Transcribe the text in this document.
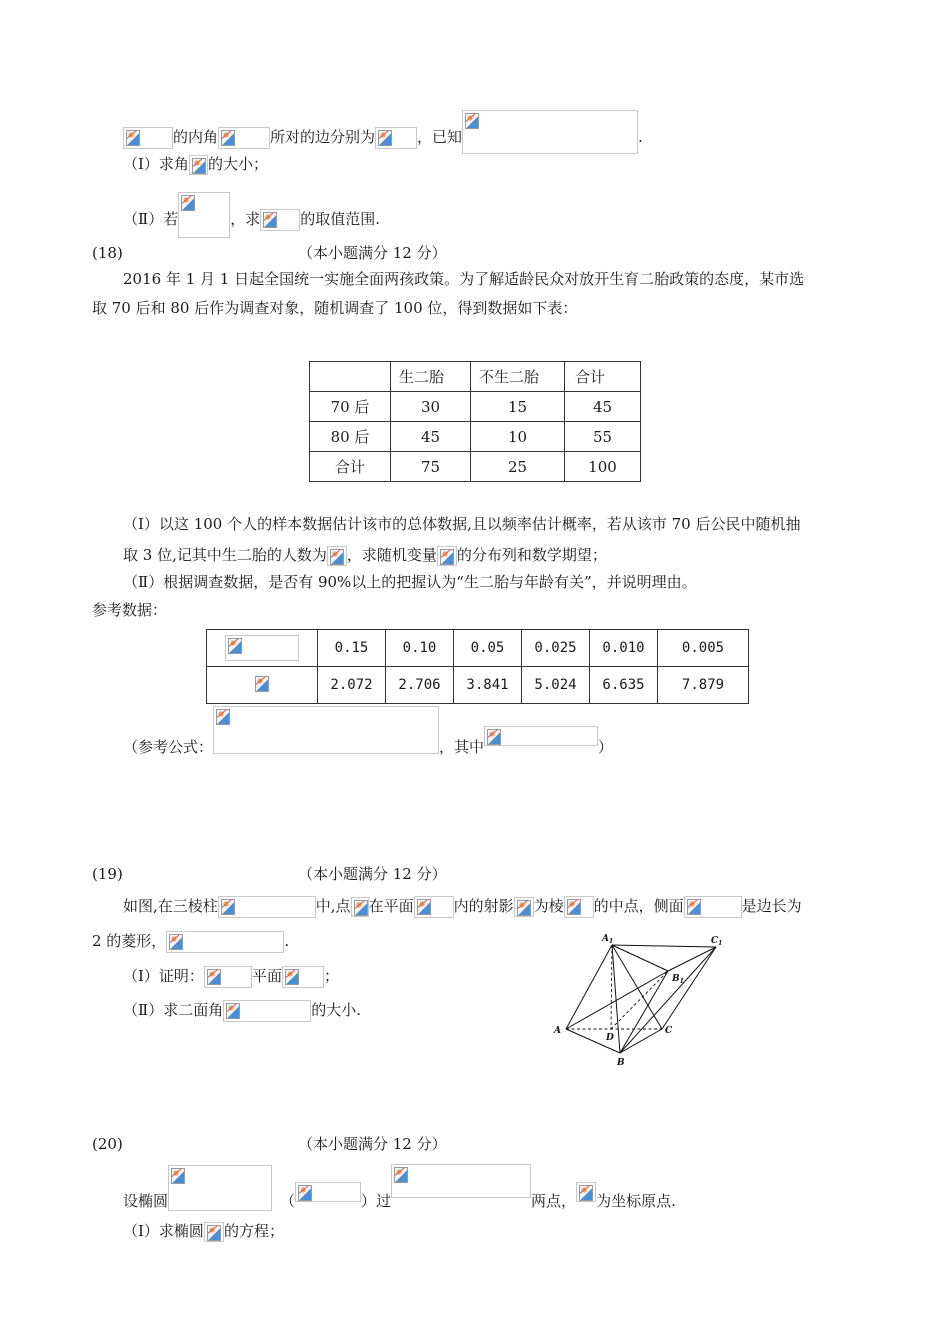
的内角	所对的边分别为	，已知	.
（Ⅰ）求角 的大小；
（Ⅱ）若	，求	的取值范围.
(18)	（本小题满分 12 分）
2016 年 1 月 1 日起全国统一实施全面两孩政策。为了解适龄民众对放开生育二胎政策的态度，某市选
取 70 后和 80 后作为调查对象，随机调查了 100 位，得到数据如下表：
	生二胎	不生二胎	合计
70 后	30	15	45
80 后	45	10	55
合计	75	25	100
（Ⅰ）以这 100 个人的样本数据估计该市的总体数据,且以频率估计概率，若从该市 70 后公民中随机抽
取 3 位,记其中生二胎的人数为 ，求随机变量 的分布列和数学期望；
（Ⅱ）根据调查数据，是否有 90%以上的把握认为“生二胎与年龄有关”，并说明理由。
参考数据：
	0.15	0.10	0.05	0.025	0.010	0.005
	2.072	2.706	3.841	5.024	6.635	7.879
（参考公式：	，其中	）
(19)	（本小题满分 12 分）
如图,在三棱柱	中,点 在平面	内的射影 为棱 的中点，侧面	是边长为
2 的菱形，	.
（Ⅰ）证明：	平面	；
（Ⅱ）求二面角	的大小.
$A_1$	$C_1$
$B_1$
A
D
C
B
(20)	（本小题满分 12 分）
设椭圆	（	）过	两点， 为坐标原点.
（Ⅰ）求椭圆 的方程；
